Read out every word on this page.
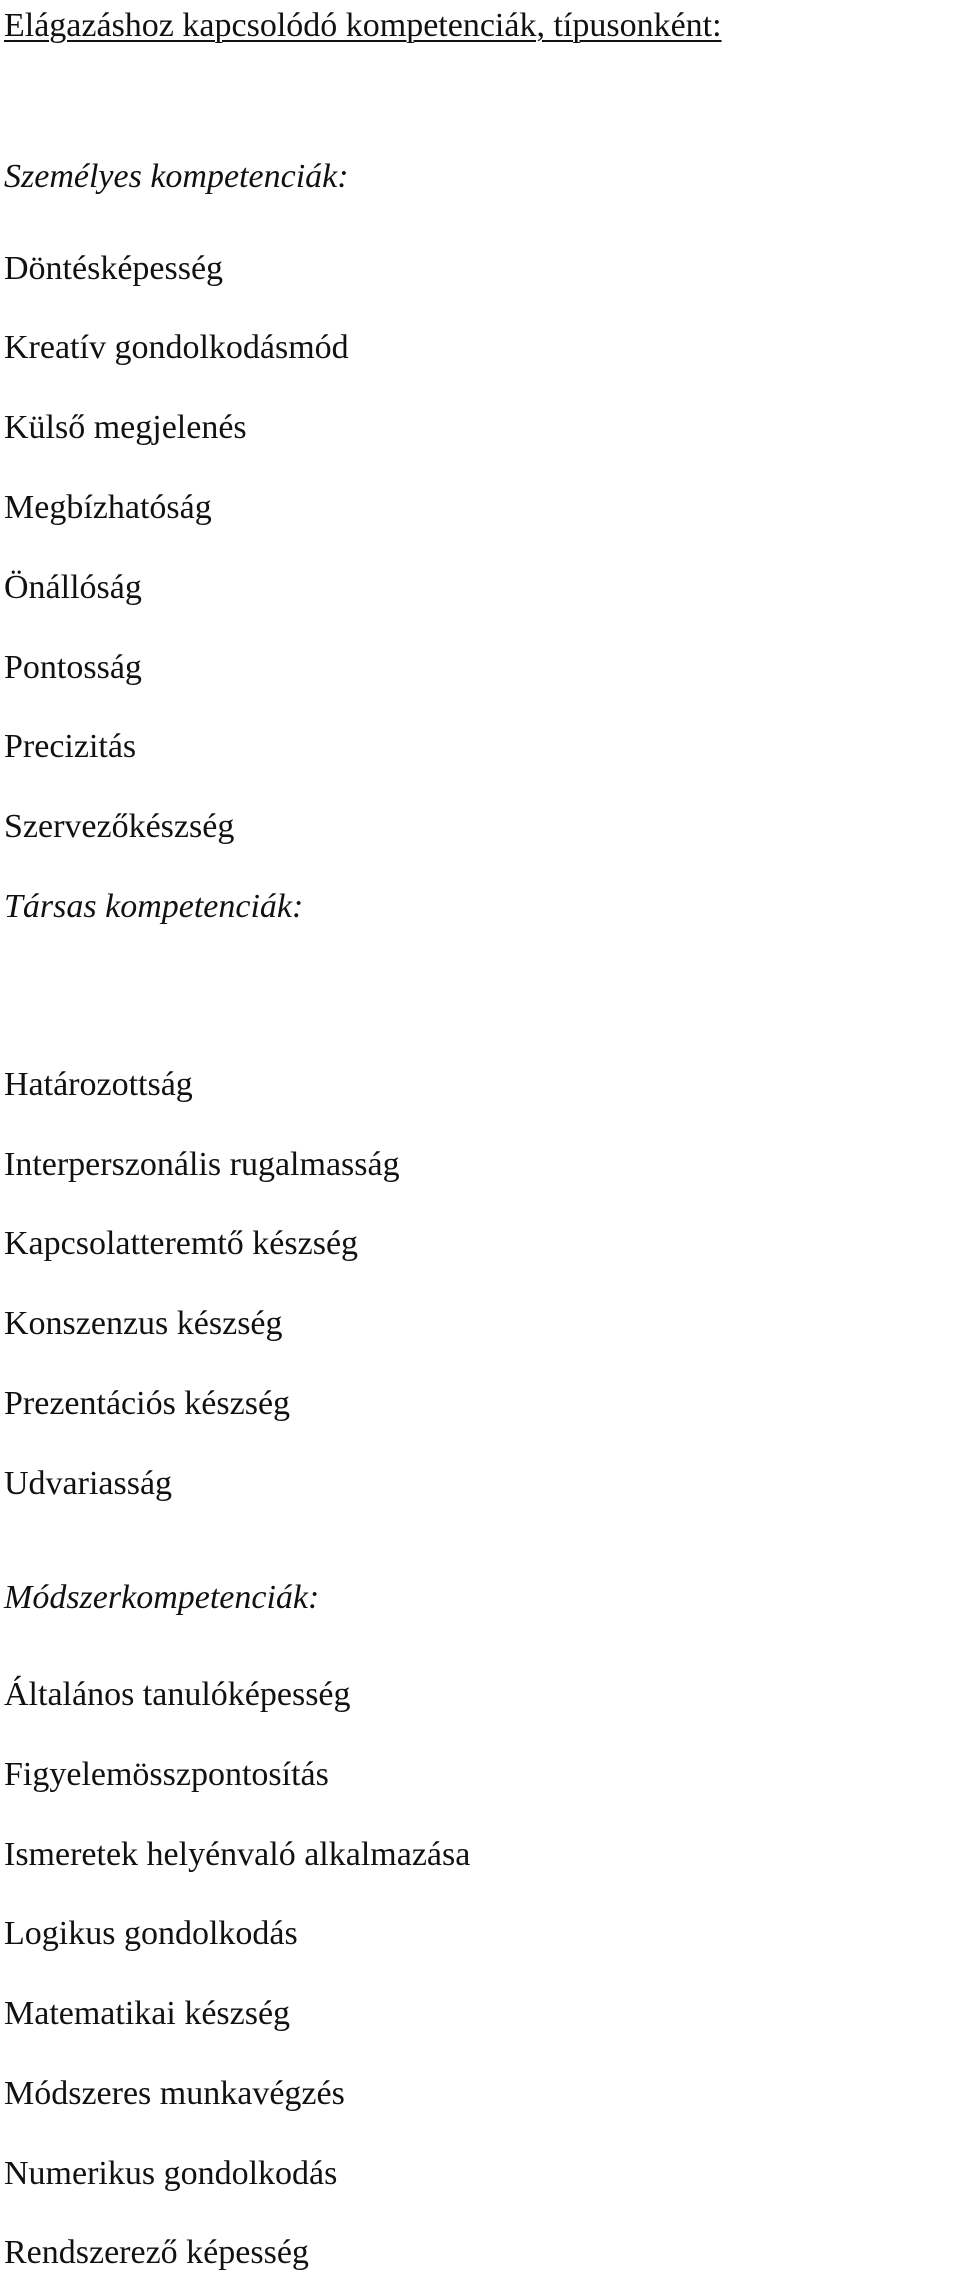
Elágazáshoz kapcsolódó kompetenciák, típusonként:
Személyes kompetenciák:
Döntésképesség
Kreatív gondolkodásmód
Külső megjelenés
Megbízhatóság
Önállóság
Pontosság
Precizitás
Szervezőkészség
Társas kompetenciák:
Határozottság
Interperszonális rugalmasság
Kapcsolatteremtő készség
Konszenzus készség
Prezentációs készség
Udvariasság
Módszerkompetenciák:
Általános tanulóképesség
Figyelemösszpontosítás
Ismeretek helyénvaló alkalmazása
Logikus gondolkodás
Matematikai készség
Módszeres munkavégzés
Numerikus gondolkodás
Rendszerező képesség
